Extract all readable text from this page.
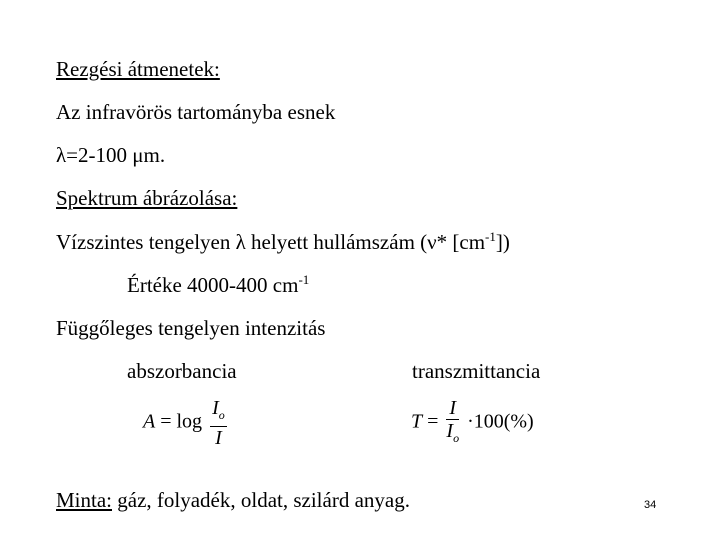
Rezgési átmenetek:
Az infravörös tartományba esnek
λ=2-100 μm.
Spektrum ábrázolása:
Vízszintes tengelyen λ helyett hullámszám (ν* $[cm^{-1}]$)
Értéke 4000-400 $cm^{-1}$
Függőleges tengelyen intenzitás
abszorbancia	transzmittancia
$A = \log \frac{I_o}{I}$	$T = \frac{I}{I_o} \cdot 100(\%)$
Minta: gáz, folyadék, oldat, szilárd anyag.	34
